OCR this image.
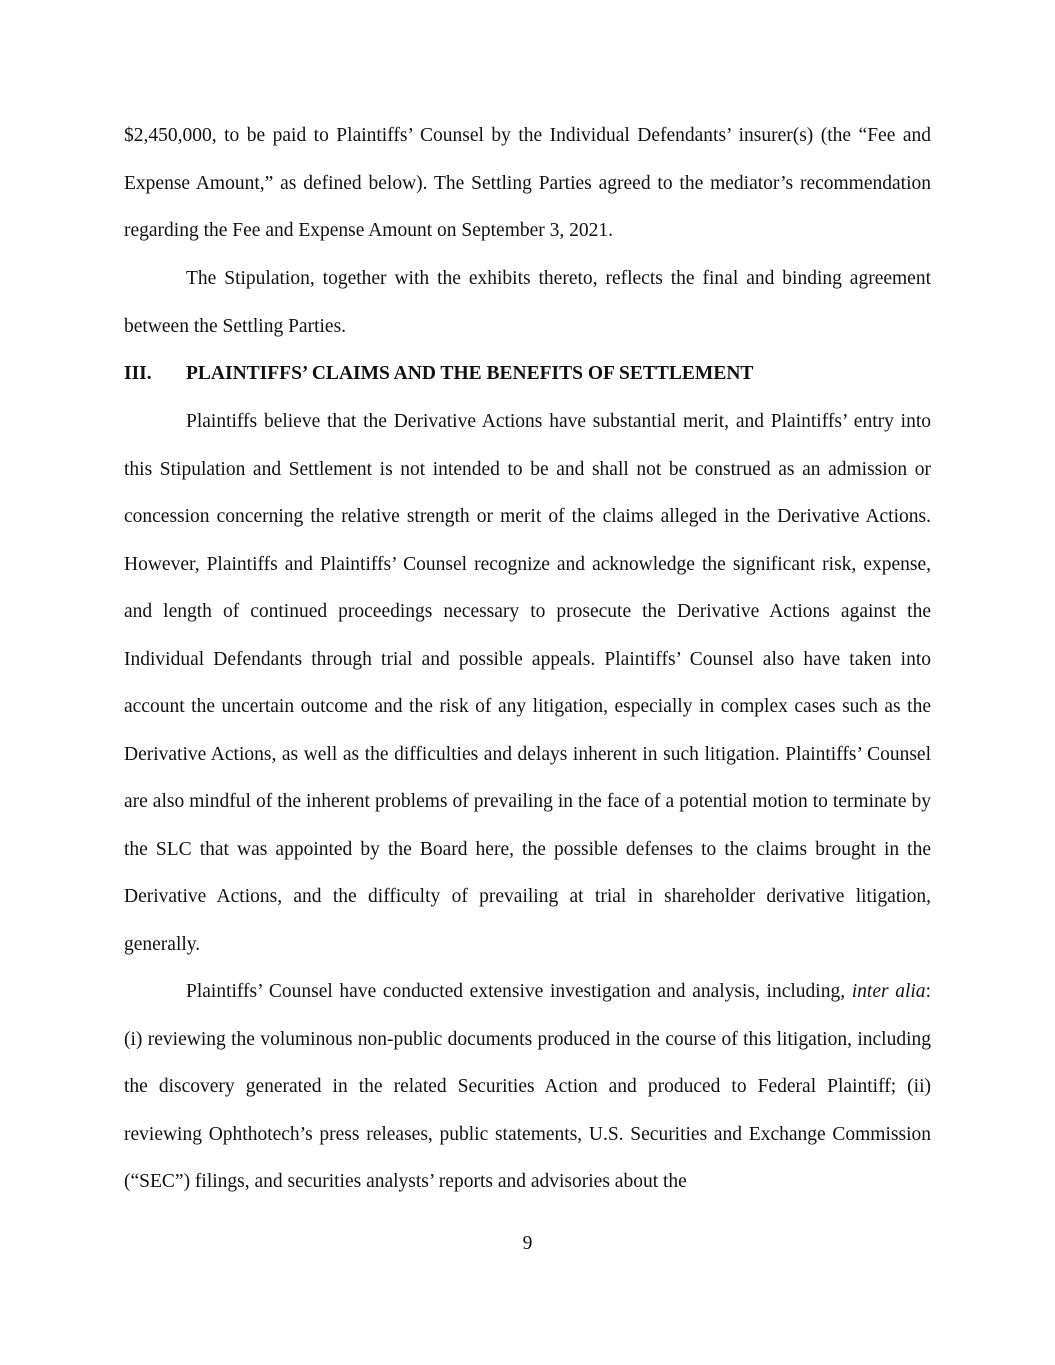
$2,450,000, to be paid to Plaintiffs’ Counsel by the Individual Defendants’ insurer(s) (the “Fee and Expense Amount,” as defined below). The Settling Parties agreed to the mediator’s recommendation regarding the Fee and Expense Amount on September 3, 2021.

The Stipulation, together with the exhibits thereto, reflects the final and binding agreement between the Settling Parties.

III. PLAINTIFFS’ CLAIMS AND THE BENEFITS OF SETTLEMENT

Plaintiffs believe that the Derivative Actions have substantial merit, and Plaintiffs’ entry into this Stipulation and Settlement is not intended to be and shall not be construed as an admission or concession concerning the relative strength or merit of the claims alleged in the Derivative Actions. However, Plaintiffs and Plaintiffs’ Counsel recognize and acknowledge the significant risk, expense, and length of continued proceedings necessary to prosecute the Derivative Actions against the Individual Defendants through trial and possible appeals. Plaintiffs’ Counsel also have taken into account the uncertain outcome and the risk of any litigation, especially in complex cases such as the Derivative Actions, as well as the difficulties and delays inherent in such litigation. Plaintiffs’ Counsel are also mindful of the inherent problems of prevailing in the face of a potential motion to terminate by the SLC that was appointed by the Board here, the possible defenses to the claims brought in the Derivative Actions, and the difficulty of prevailing at trial in shareholder derivative litigation, generally.

Plaintiffs’ Counsel have conducted extensive investigation and analysis, including, inter alia: (i) reviewing the voluminous non-public documents produced in the course of this litigation, including the discovery generated in the related Securities Action and produced to Federal Plaintiff; (ii) reviewing Ophthotech’s press releases, public statements, U.S. Securities and Exchange Commission (“SEC”) filings, and securities analysts’ reports and advisories about the

9
